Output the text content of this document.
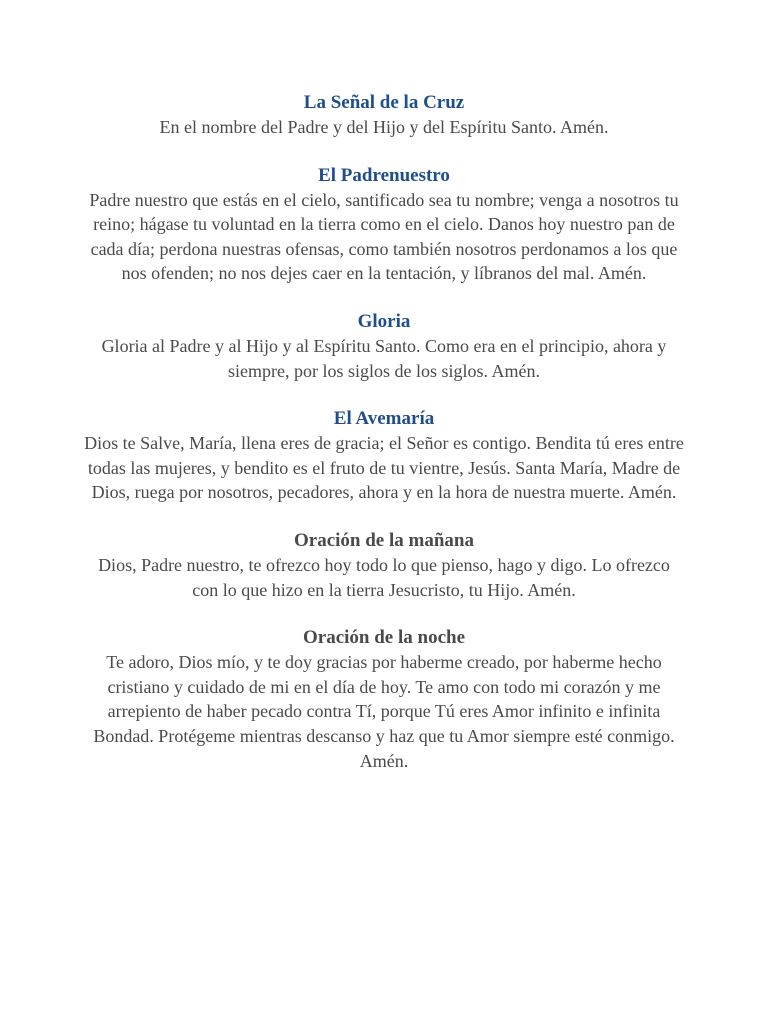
La Señal de la Cruz

En el nombre del Padre y del Hijo y del Espíritu Santo. Amén.

El Padrenuestro

Padre nuestro que estás en el cielo, santificado sea tu nombre; venga a nosotros tu reino; hágase tu voluntad en la tierra como en el cielo. Danos hoy nuestro pan de cada día; perdona nuestras ofensas, como también nosotros perdonamos a los que nos ofenden; no nos dejes caer en la tentación, y líbranos del mal. Amén.

Gloria

Gloria al Padre y al Hijo y al Espíritu Santo. Como era en el principio, ahora y siempre, por los siglos de los siglos. Amén.

El Avemaría

Dios te Salve, María, llena eres de gracia; el Señor es contigo. Bendita tú eres entre todas las mujeres, y bendito es el fruto de tu vientre, Jesús. Santa María, Madre de Dios, ruega por nosotros, pecadores, ahora y en la hora de nuestra muerte. Amén.

Oración de la mañana

Dios, Padre nuestro, te ofrezco hoy todo lo que pienso, hago y digo. Lo ofrezco con lo que hizo en la tierra Jesucristo, tu Hijo. Amén.

Oración de la noche

Te adoro, Dios mío, y te doy gracias por haberme creado, por haberme hecho cristiano y cuidado de mi en el día de hoy. Te amo con todo mi corazón y me arrepiento de haber pecado contra Tí, porque Tú eres Amor infinito e infinita Bondad. Protégeme mientras descanso y haz que tu Amor siempre esté conmigo. Amén.
